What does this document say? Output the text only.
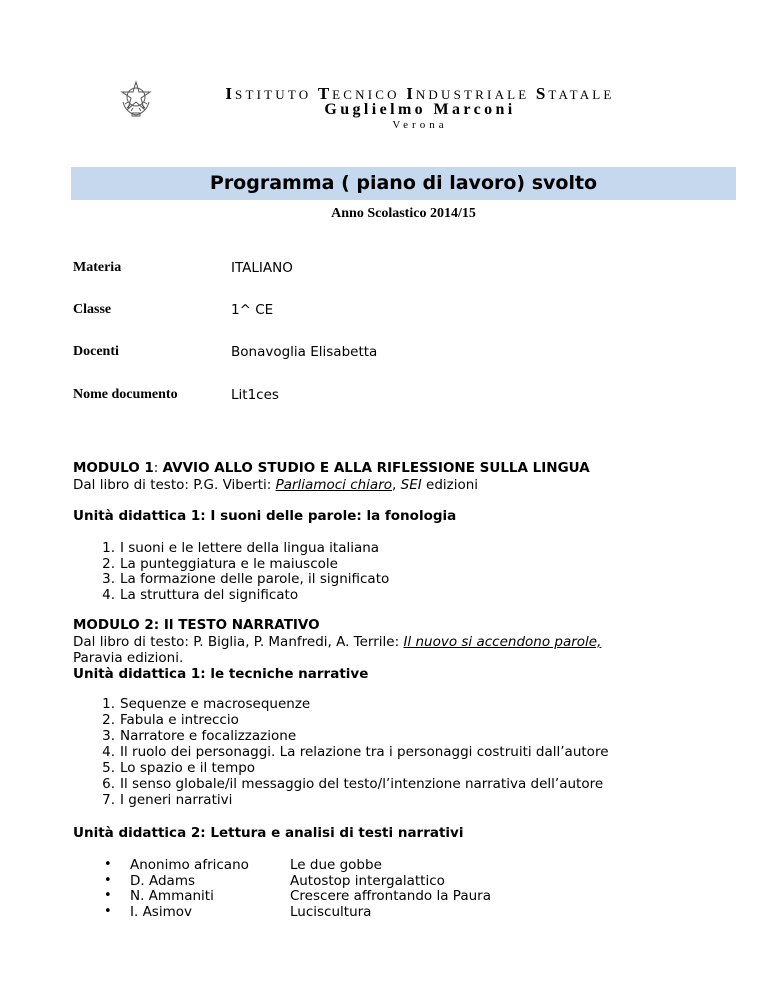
ISTITUTO TECNICO INDUSTRIALE STATALE
Guglielmo Marconi
Verona
Programma ( piano di lavoro) svolto
Anno Scolastico 2014/15
Materia	ITALIANO
Classe	1^ CE
Docenti	Bonavoglia Elisabetta
Nome documento	Lit1ces
MODULO 1: AVVIO ALLO STUDIO E ALLA RIFLESSIONE SULLA LINGUA
Dal libro di testo: P.G. Viberti: Parliamoci chiaro, SEI edizioni
Unità didattica 1: I suoni delle parole: la fonologia
1. I suoni e le lettere della lingua italiana
2. La punteggiatura e le maiuscole
3. La formazione delle parole, il significato
4. La struttura del significato
MODULO 2: Il TESTO NARRATIVO
Dal libro di testo: P. Biglia, P. Manfredi, A. Terrile: Il nuovo si accendono parole,
Paravia edizioni.
Unità didattica 1: le tecniche narrative
1. Sequenze e macrosequenze
2. Fabula e intreccio
3. Narratore e focalizzazione
4. Il ruolo dei personaggi. La relazione tra i personaggi costruiti dall’autore
5. Lo spazio e il tempo
6. Il senso globale/il messaggio del testo/l’intenzione narrativa dell’autore
7. I generi narrativi
Unità didattica 2: Lettura e analisi di testi narrativi
• Anonimo africano	Le due gobbe
• D. Adams	Autostop intergalattico
• N. Ammaniti	Crescere affrontando la Paura
• I. Asimov	Luciscultura
